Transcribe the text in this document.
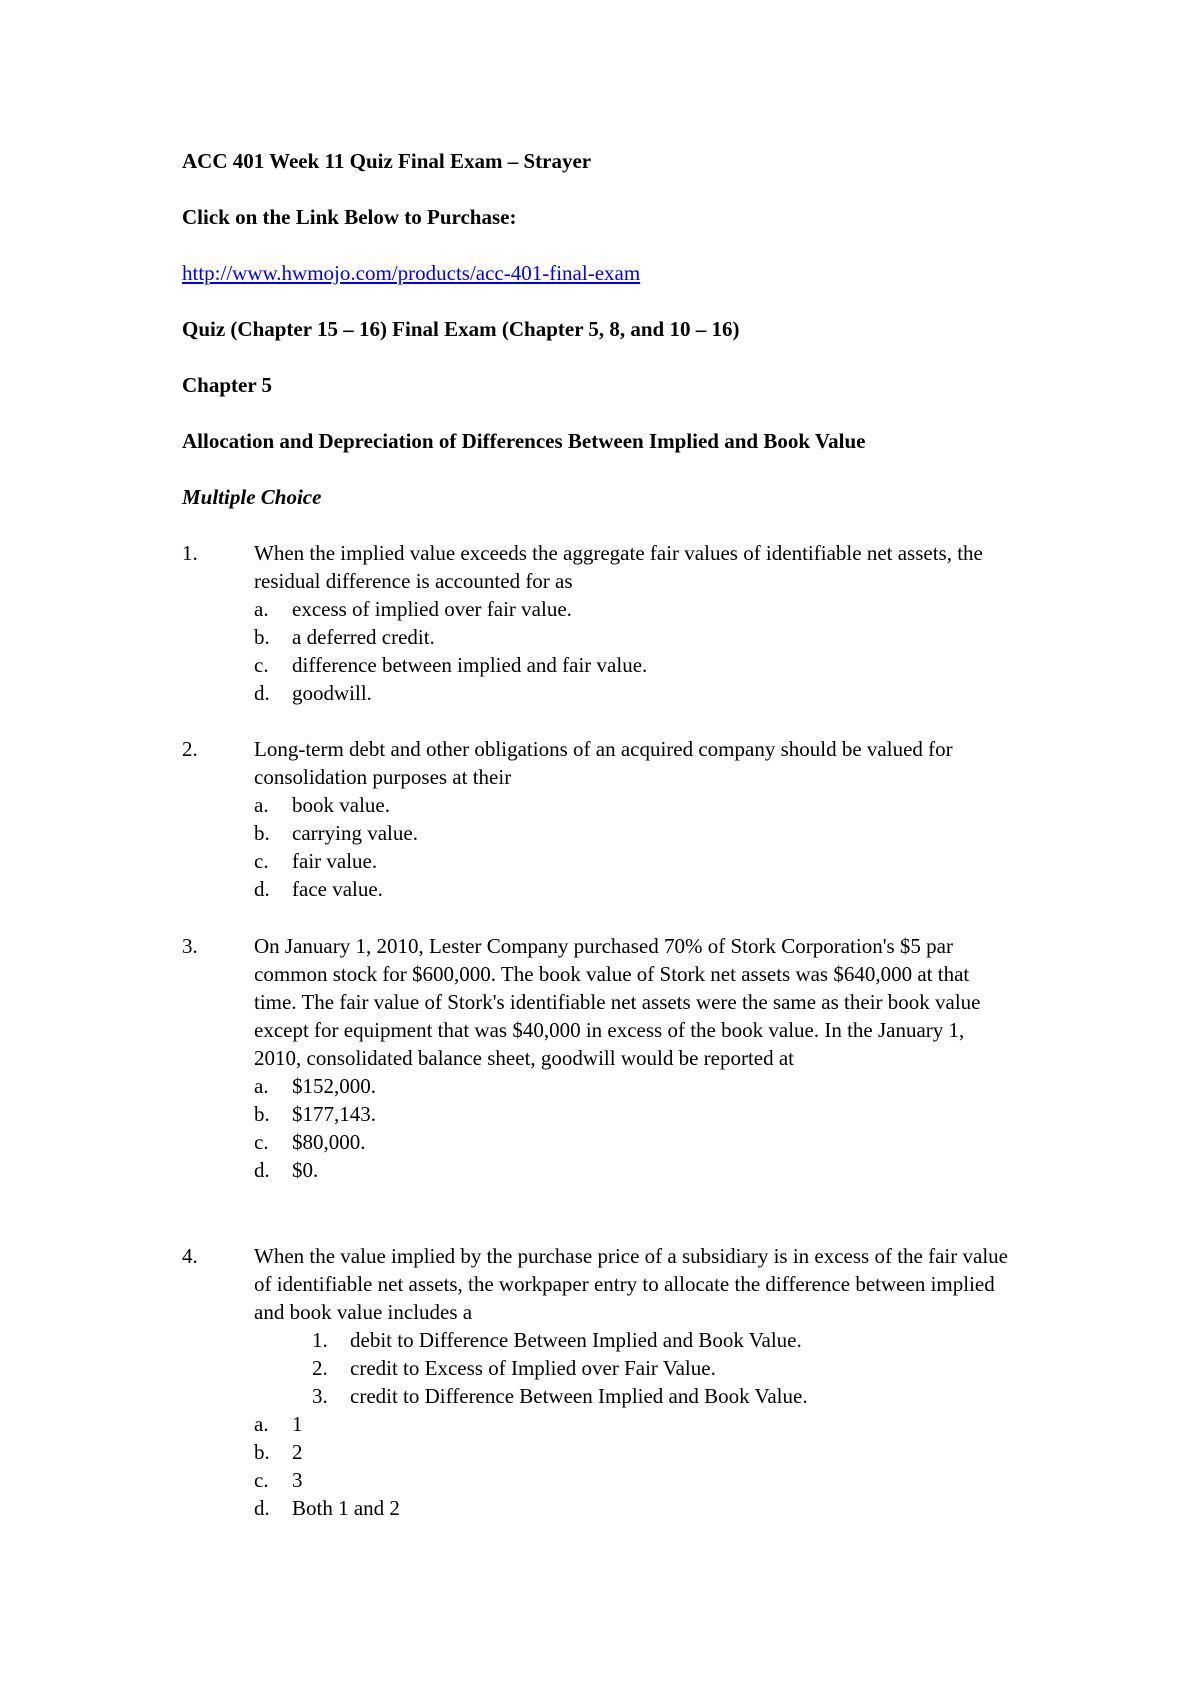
ACC 401 Week 11 Quiz Final Exam – Strayer
Click on the Link Below to Purchase:
http://www.hwmojo.com/products/acc-401-final-exam
Quiz (Chapter 15 – 16) Final Exam (Chapter 5, 8, and 10 – 16)
Chapter 5
Allocation and Depreciation of Differences Between Implied and Book Value
Multiple Choice
1.	When the implied value exceeds the aggregate fair values of identifiable net assets, the residual difference is accounted for as
a. excess of implied over fair value.
b. a deferred credit.
c. difference between implied and fair value.
d. goodwill.
2.	Long-term debt and other obligations of an acquired company should be valued for consolidation purposes at their
a. book value.
b. carrying value.
c. fair value.
d. face value.
3.	On January 1, 2010, Lester Company purchased 70% of Stork Corporation's $5 par common stock for $600,000. The book value of Stork net assets was $640,000 at that time. The fair value of Stork's identifiable net assets were the same as their book value except for equipment that was $40,000 in excess of the book value. In the January 1, 2010, consolidated balance sheet, goodwill would be reported at
a. $152,000.
b. $177,143.
c. $80,000.
d. $0.
4.	When the value implied by the purchase price of a subsidiary is in excess of the fair value of identifiable net assets, the workpaper entry to allocate the difference between implied and book value includes a
1. debit to Difference Between Implied and Book Value.
2. credit to Excess of Implied over Fair Value.
3. credit to Difference Between Implied and Book Value.
a. 1
b. 2
c. 3
d. Both 1 and 2
